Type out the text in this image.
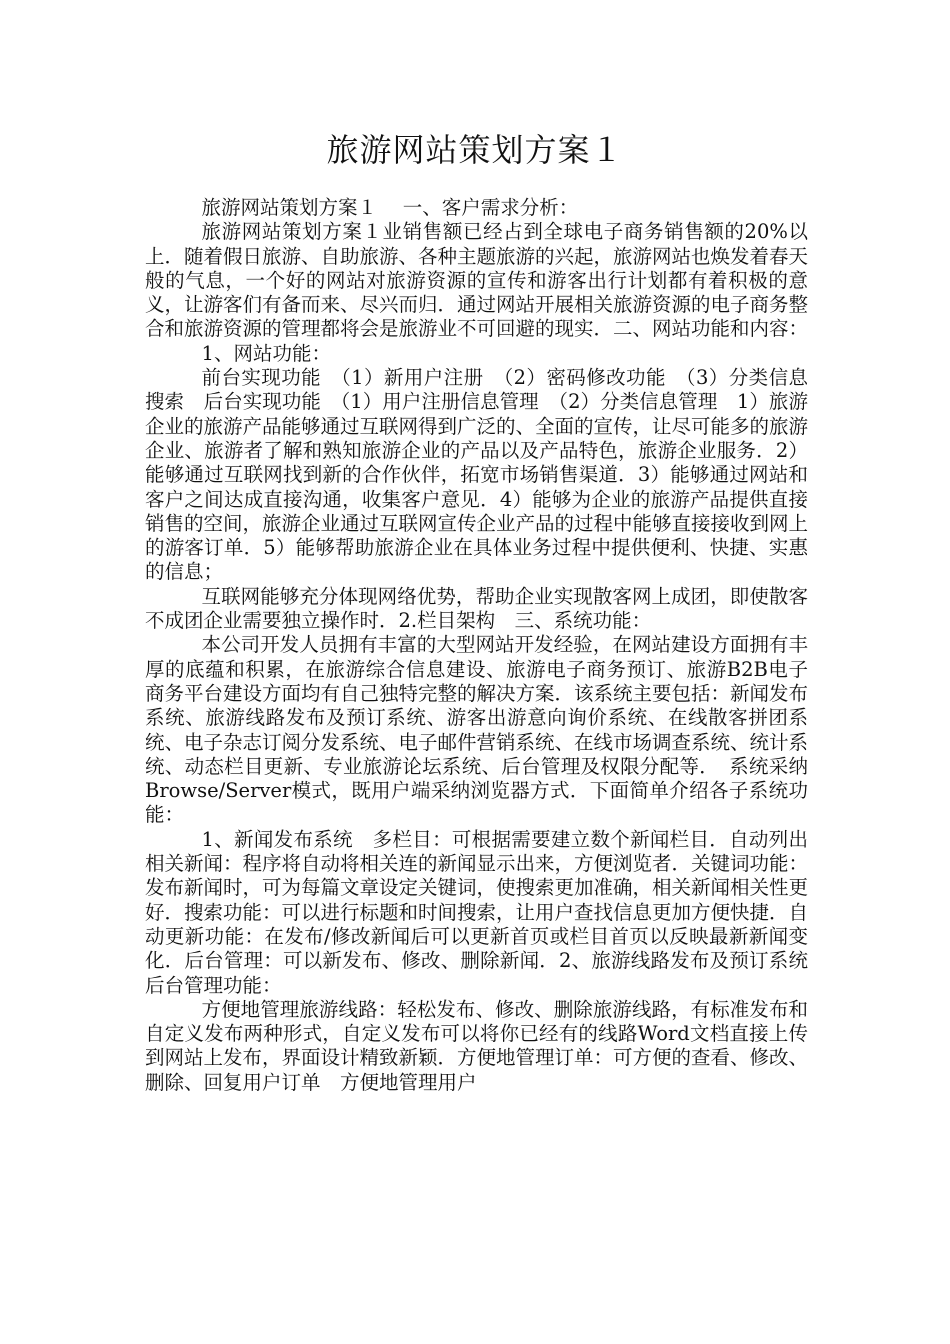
旅游网站策划方案１

旅游网站策划方案１　 一、客户需求分析：

旅游网站策划方案１业销售额已经占到全球电子商务销售额的20%以上．随着假日旅游、自助旅游、各种主题旅游的兴起，旅游网站也焕发着春天般的气息，一个好的网站对旅游资源的宣传和游客出行计划都有着积极的意义，让游客们有备而来、尽兴而归．通过网站开展相关旅游资源的电子商务整合和旅游资源的管理都将会是旅游业不可回避的现实．二、网站功能和内容：

1、网站功能：

前台实现功能　（1）新用户注册　（2）密码修改功能　（3）分类信息搜索　后台实现功能　（1）用户注册信息管理　（2）分类信息管理　1）旅游企业的旅游产品能够通过互联网得到广泛的、全面的宣传，让尽可能多的旅游企业、旅游者了解和熟知旅游企业的产品以及产品特色，旅游企业服务．2）能够通过互联网找到新的合作伙伴，拓宽市场销售渠道．3）能够通过网站和客户之间达成直接沟通，收集客户意见．4）能够为企业的旅游产品提供直接销售的空间，旅游企业通过互联网宣传企业产品的过程中能够直接接收到网上的游客订单．5）能够帮助旅游企业在具体业务过程中提供便利、快捷、实惠的信息；

互联网能够充分体现网络优势，帮助企业实现散客网上成团，即使散客不成团企业需要独立操作时．2.栏目架构　三、系统功能：

本公司开发人员拥有丰富的大型网站开发经验，在网站建设方面拥有丰厚的底蕴和积累，在旅游综合信息建设、旅游电子商务预订、旅游B2B电子商务平台建设方面均有自己独特完整的解决方案．该系统主要包括：新闻发布系统、旅游线路发布及预订系统、游客出游意向询价系统、在线散客拼团系统、电子杂志订阅分发系统、电子邮件营销系统、在线市场调查系统、统计系统、动态栏目更新、专业旅游论坛系统、后台管理及权限分配等．　系统采纳Browse/Server模式，既用户端采纳浏览器方式．下面简单介绍各子系统功能：

1、新闻发布系统　多栏目：可根据需要建立数个新闻栏目．自动列出相关新闻：程序将自动将相关连的新闻显示出来，方便浏览者．关键词功能：发布新闻时，可为每篇文章设定关键词，使搜索更加准确，相关新闻相关性更好．搜索功能：可以进行标题和时间搜索，让用户查找信息更加方便快捷．自动更新功能：在发布/修改新闻后可以更新首页或栏目首页以反映最新新闻变化．后台管理：可以新发布、修改、删除新闻．2、旅游线路发布及预订系统　后台管理功能：

方便地管理旅游线路：轻松发布、修改、删除旅游线路，有标准发布和自定义发布两种形式，自定义发布可以将你已经有的线路Word文档直接上传到网站上发布，界面设计精致新颖．方便地管理订单：可方便的查看、修改、删除、回复用户订单　方便地管理用户
